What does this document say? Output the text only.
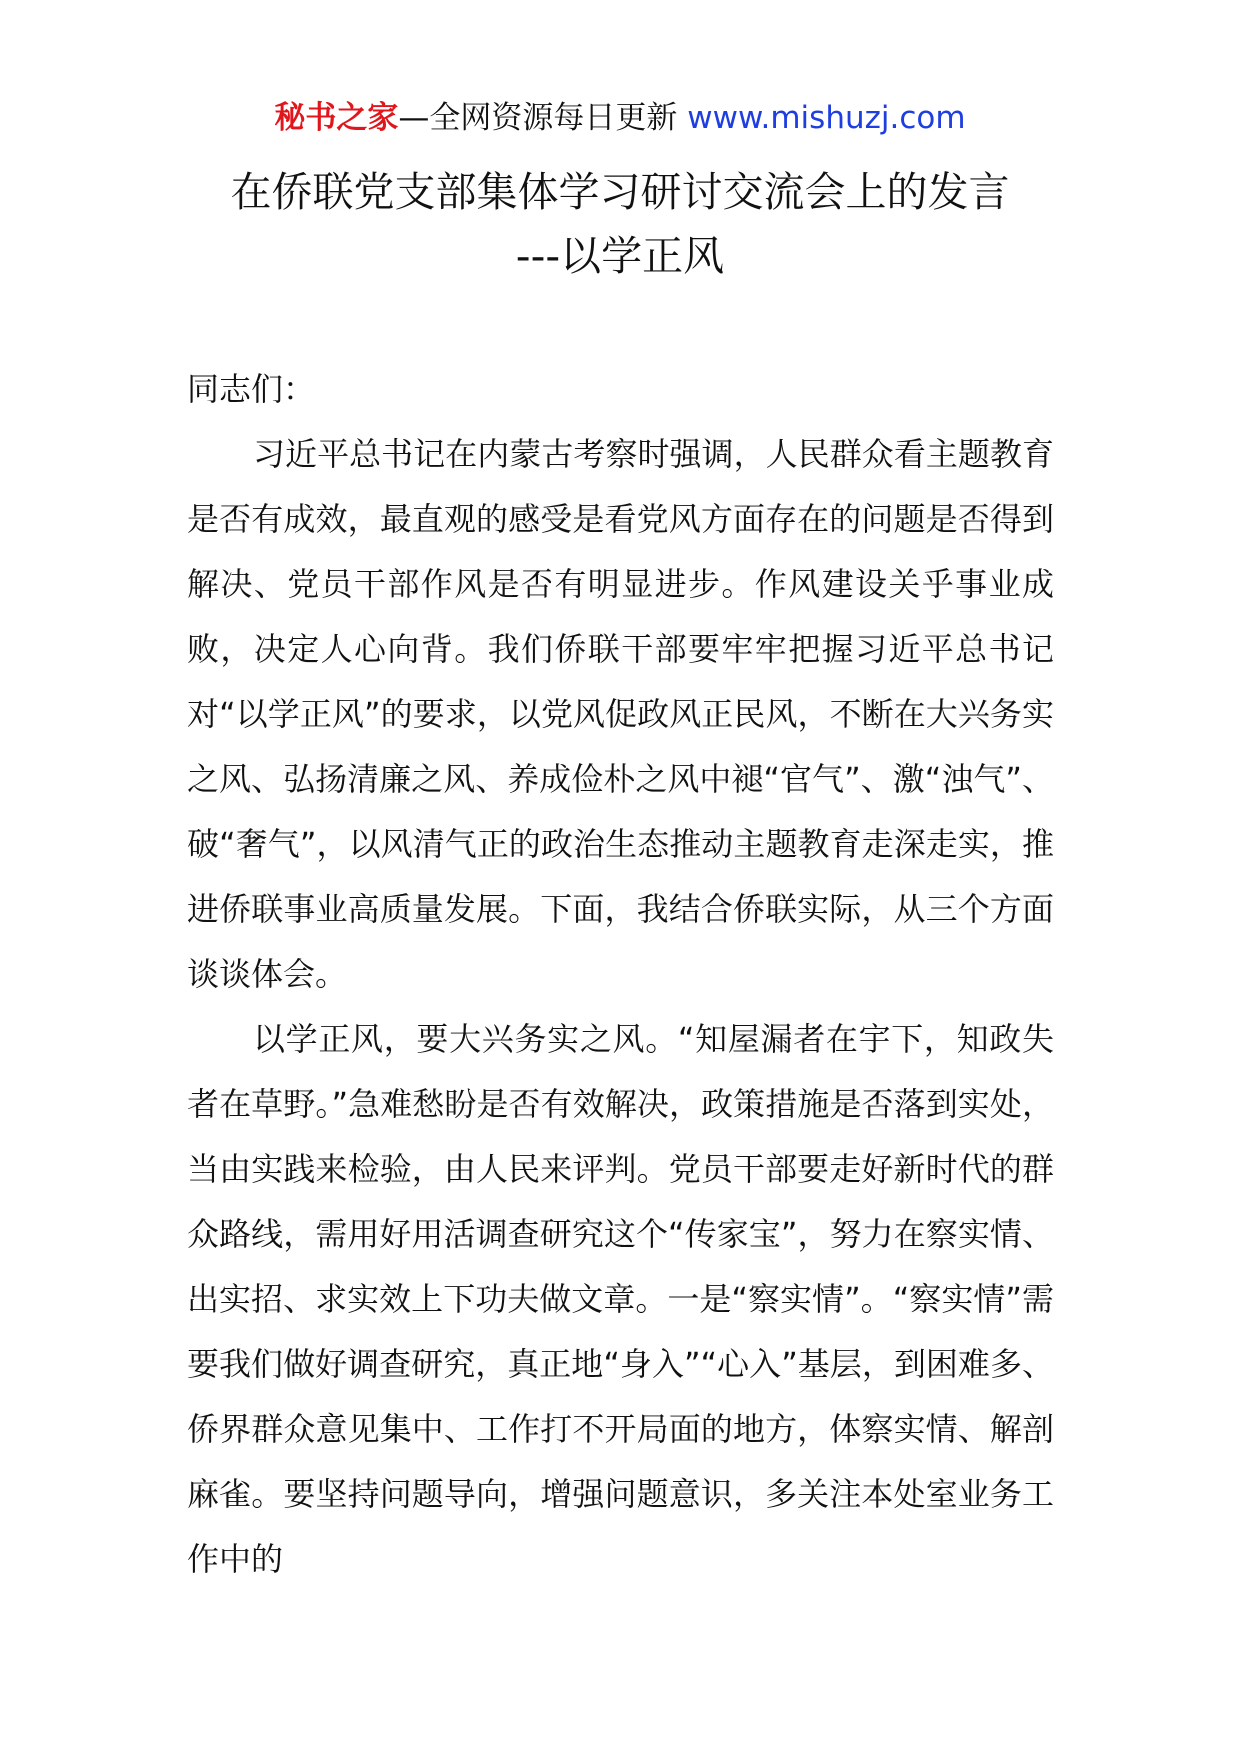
秘书之家—全网资源每日更新 www.mishuzj.com
在侨联党支部集体学习研讨交流会上的发言
---以学正风

同志们：

习近平总书记在内蒙古考察时强调，人民群众看主题教育是否有成效，最直观的感受是看党风方面存在的问题是否得到解决、党员干部作风是否有明显进步。作风建设关乎事业成败，决定人心向背。我们侨联干部要牢牢把握习近平总书记对“以学正风”的要求，以党风促政风正民风，不断在大兴务实之风、弘扬清廉之风、养成俭朴之风中褪“官气”、激“浊气”、破“奢气”，以风清气正的政治生态推动主题教育走深走实，推进侨联事业高质量发展。下面，我结合侨联实际，从三个方面谈谈体会。

以学正风，要大兴务实之风。“知屋漏者在宇下，知政失者在草野。”急难愁盼是否有效解决，政策措施是否落到实处，当由实践来检验，由人民来评判。党员干部要走好新时代的群众路线，需用好用活调查研究这个“传家宝”，努力在察实情、出实招、求实效上下功夫做文章。一是“察实情”。“察实情”需要我们做好调查研究，真正地“身入”“心入”基层，到困难多、侨界群众意见集中、工作打不开局面的地方，体察实情、解剖麻雀。要坚持问题导向，增强问题意识，多关注本处室业务工作中的
